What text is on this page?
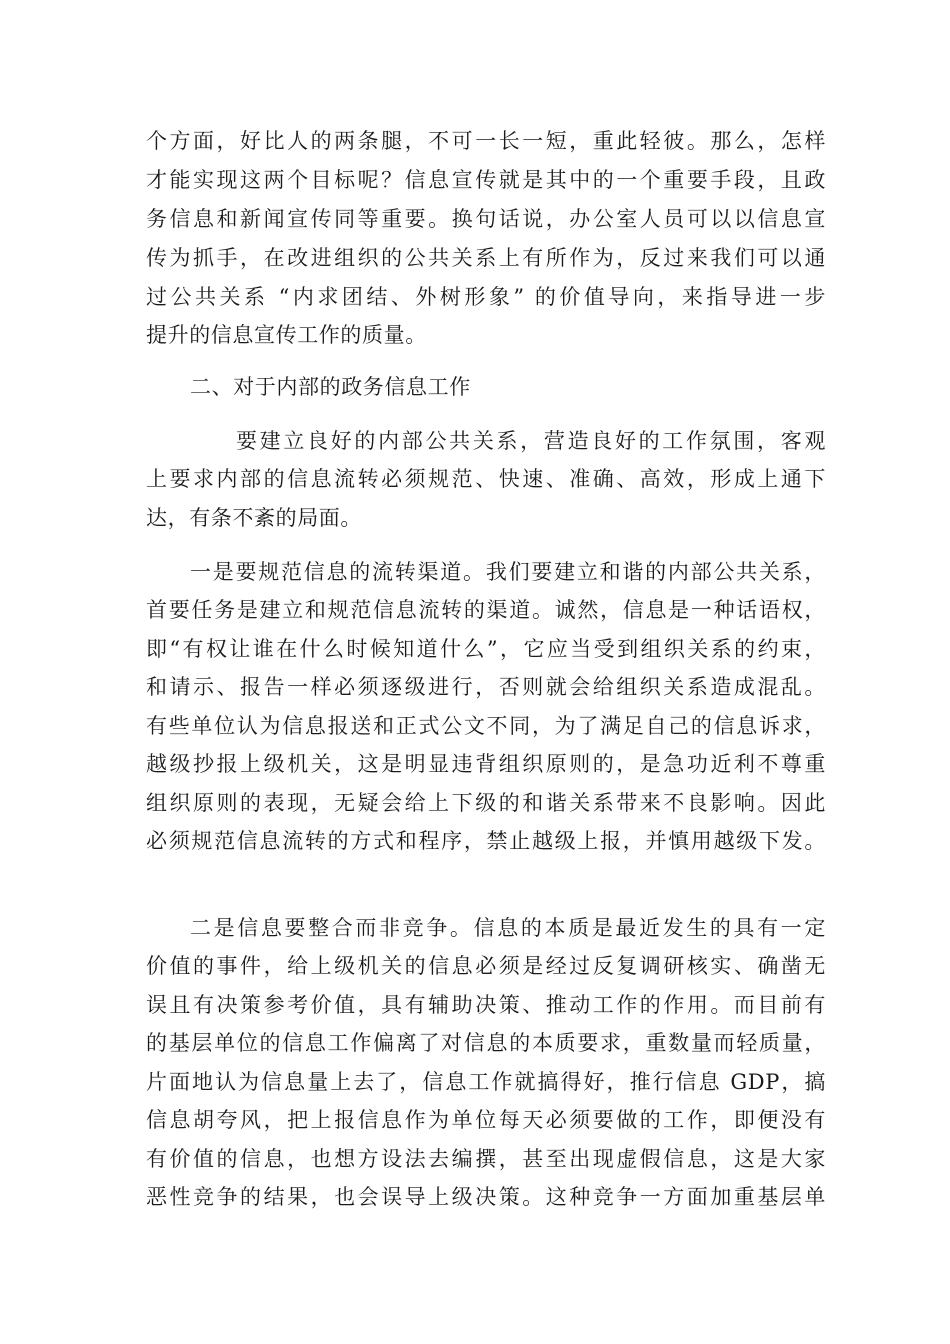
个方面，好比人的两条腿，不可一长一短，重此轻彼。那么，怎样
才能实现这两个目标呢？信息宣传就是其中的一个重要手段，且政
务信息和新闻宣传同等重要。换句话说，办公室人员可以以信息宣
传为抓手，在改进组织的公共关系上有所作为，反过来我们可以通
过公共关系 “内求团结、外树形象” 的价值导向，来指导进一步
提升的信息宣传工作的质量。
二、对于内部的政务信息工作
要建立良好的内部公共关系，营造良好的工作氛围，客观
上要求内部的信息流转必须规范、快速、准确、高效，形成上通下
达，有条不紊的局面。
一是要规范信息的流转渠道。我们要建立和谐的内部公共关系，
首要任务是建立和规范信息流转的渠道。诚然，信息是一种话语权，
即“有权让谁在什么时候知道什么”，它应当受到组织关系的约束，
和请示、报告一样必须逐级进行，否则就会给组织关系造成混乱。
有些单位认为信息报送和正式公文不同，为了满足自己的信息诉求，
越级抄报上级机关，这是明显违背组织原则的，是急功近利不尊重
组织原则的表现，无疑会给上下级的和谐关系带来不良影响。因此
必须规范信息流转的方式和程序，禁止越级上报，并慎用越级下发。
二是信息要整合而非竞争。信息的本质是最近发生的具有一定
价值的事件，给上级机关的信息必须是经过反复调研核实、确凿无
误且有决策参考价值，具有辅助决策、推动工作的作用。而目前有
的基层单位的信息工作偏离了对信息的本质要求，重数量而轻质量，
片面地认为信息量上去了，信息工作就搞得好，推行信息 GDP，搞
信息胡夸风，把上报信息作为单位每天必须要做的工作，即便没有
有价值的信息，也想方设法去编撰，甚至出现虚假信息，这是大家
恶性竞争的结果，也会误导上级决策。这种竞争一方面加重基层单
